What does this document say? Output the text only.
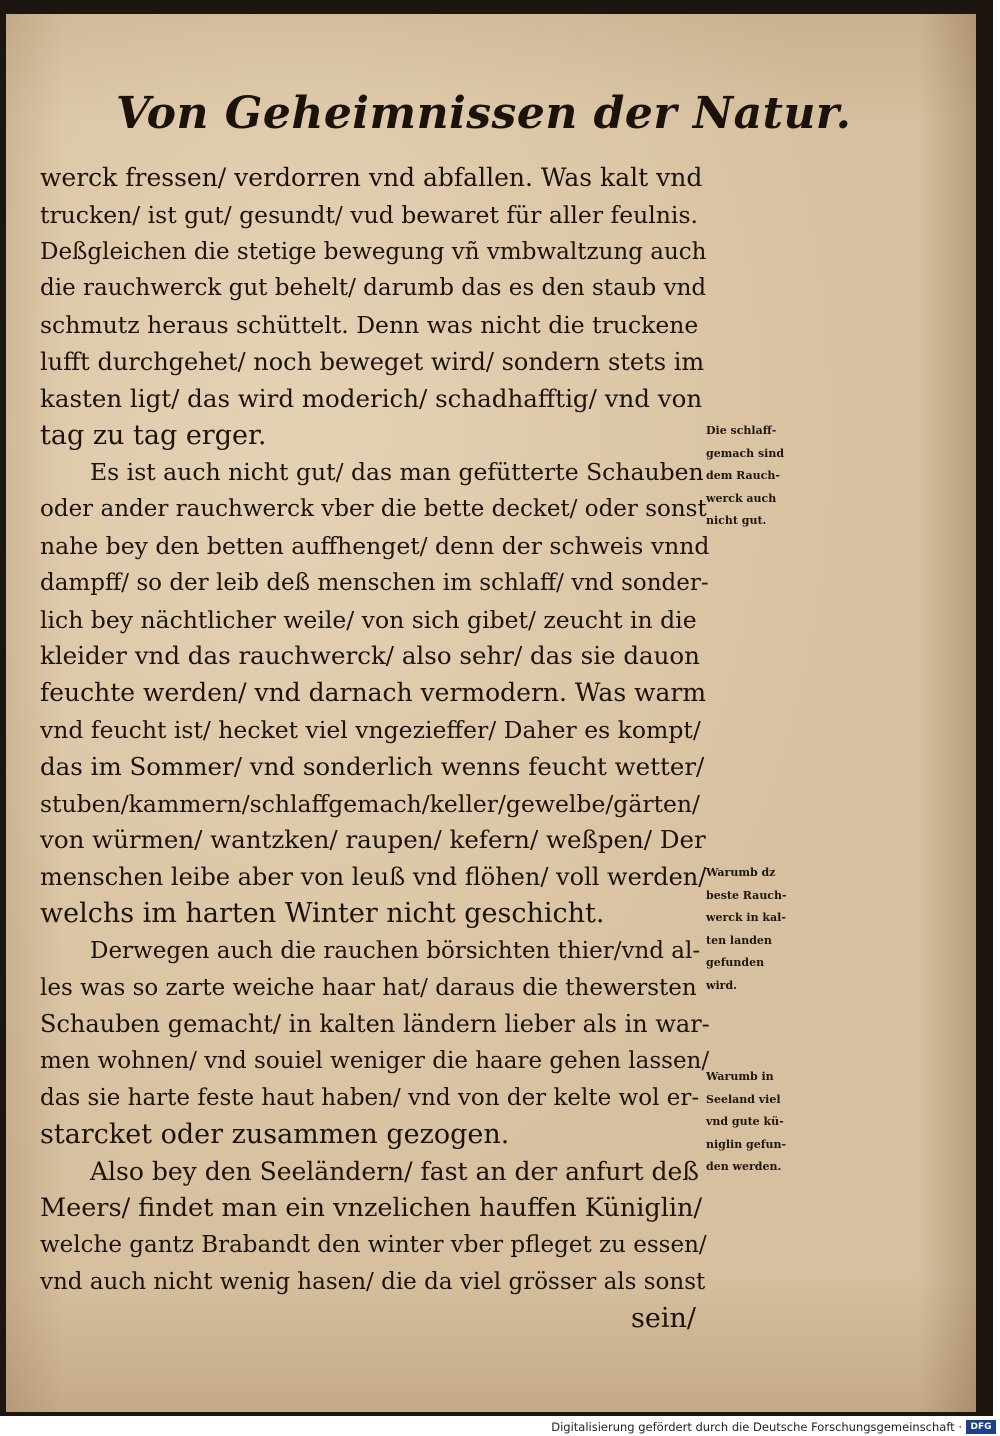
Von Geheimnissen der Natur.
werck fressen/ verdorren vnd abfallen. Was kalt vnd
trucken/ ist gut/ gesundt/ vud bewaret für aller feulnis.
Deßgleichen die stetige bewegung vñ vmbwaltzung auch
die rauchwerck gut behelt/ darumb das es den staub vnd
schmutz heraus schüttelt. Denn was nicht die truckene
lufft durchgehet/ noch beweget wird/ sondern stets im
kasten ligt/ das wird moderich/ schadhafftig/ vnd von
tag zu tag erger.
Es ist auch nicht gut/ das man gefütterte Schauben
oder ander rauchwerck vber die bette decket/ oder sonst
nahe bey den betten auffhenget/ denn der schweis vnnd
dampff/ so der leib deß menschen im schlaff/ vnd sonder-
lich bey nächtlicher weile/ von sich gibet/ zeucht in die
kleider vnd das rauchwerck/ also sehr/ das sie dauon
feuchte werden/ vnd darnach vermodern. Was warm
vnd feucht ist/ hecket viel vngezieffer/ Daher es kompt/
das im Sommer/ vnd sonderlich wenns feucht wetter/
stuben/kammern/schlaffgemach/keller/gewelbe/gärten/
von würmen/ wantzken/ raupen/ kefern/ weßpen/ Der
menschen leibe aber von leuß vnd flöhen/ voll werden/
welchs im harten Winter nicht geschicht.
Derwegen auch die rauchen börsichten thier/vnd al-
les was so zarte weiche haar hat/ daraus die thewersten
Schauben gemacht/ in kalten ländern lieber als in war-
men wohnen/ vnd souiel weniger die haare gehen lassen/
das sie harte feste haut haben/ vnd von der kelte wol er-
starcket oder zusammen gezogen.
Also bey den Seeländern/ fast an der anfurt deß
Meers/ findet man ein vnzelichen hauffen Küniglin/
welche gantz Brabandt den winter vber pfleget zu essen/
vnd auch nicht wenig hasen/ die da viel grösser als sonst
sein/
Die schlaff-
gemach sind
dem Rauch-
werck auch
nicht gut.
Warumb dz
beste Rauch-
werck in kal-
ten landen
gefunden
wird.
Warumb in
Seeland viel
vnd gute kü-
niglin gefun-
den werden.
Digitalisierung gefördert durch die Deutsche Forschungsgemeinschaft · DFG
